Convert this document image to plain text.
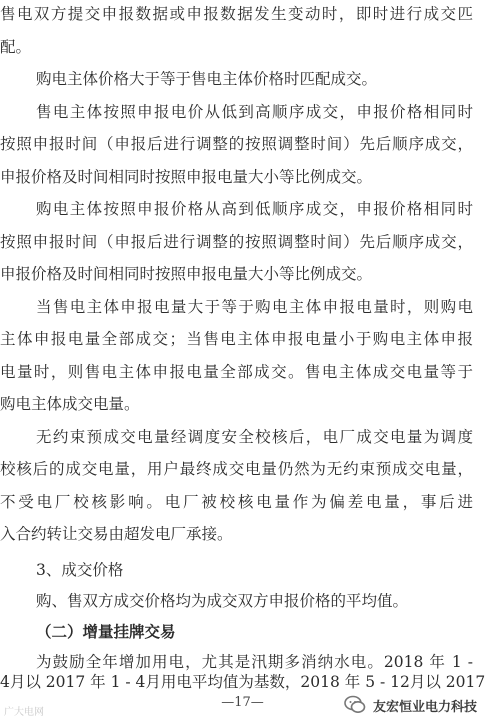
售电双方提交申报数据或申报数据发生变动时，即时进行成交匹
配。
购电主体价格大于等于售电主体价格时匹配成交。
售电主体按照申报电价从低到高顺序成交，申报价格相同时
按照申报时间（申报后进行调整的按照调整时间）先后顺序成交，
申报价格及时间相同时按照申报电量大小等比例成交。
购电主体按照申报价格从高到低顺序成交，申报价格相同时
按照申报时间（申报后进行调整的按照调整时间）先后顺序成交，
申报价格及时间相同时按照申报电量大小等比例成交。
当售电主体申报电量大于等于购电主体申报电量时，则购电
主体申报电量全部成交；当售电主体申报电量小于购电主体申报
电量时，则售电主体申报电量全部成交。售电主体成交电量等于
购电主体成交电量。
无约束预成交电量经调度安全校核后，电厂成交电量为调度
校核后的成交电量，用户最终成交电量仍然为无约束预成交电量，
不受电厂校核影响。电厂被校核电量作为偏差电量，事后进
入合约转让交易由超发电厂承接。
3、成交价格
购、售双方成交价格均为成交双方申报价格的平均值。
（二）增量挂牌交易
为鼓励全年增加用电，尤其是汛期多消纳水电。2018 年 1 -
—17—
广大电网	友宏恒业电力科技
4月以 2017 年 1 - 4月用电平均值为基数，2018 年 5 - 12月以 2017
